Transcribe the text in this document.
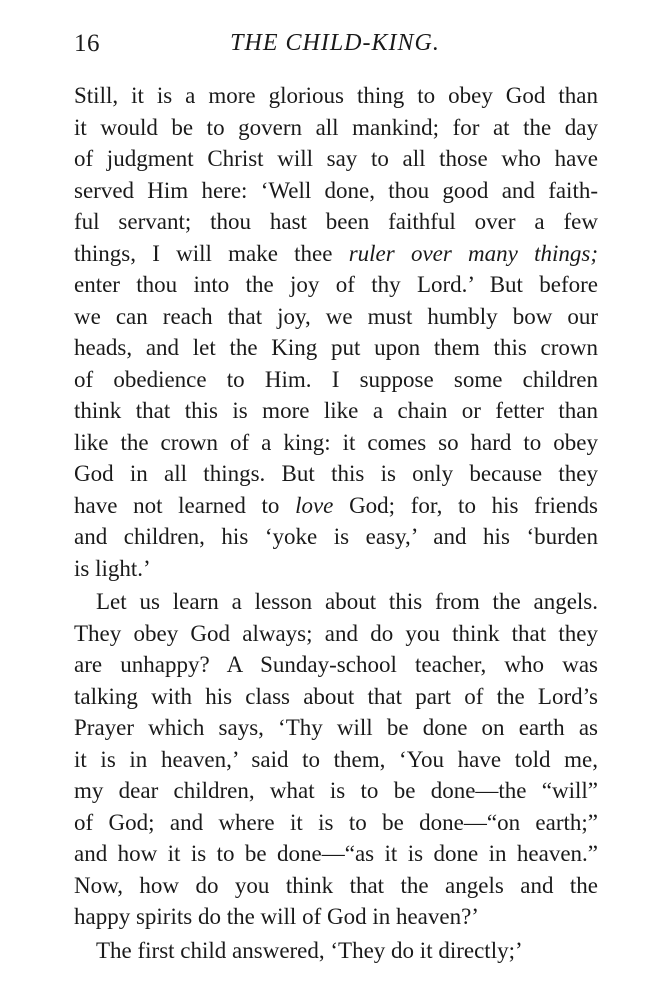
16	THE CHILD-KING.
Still, it is a more glorious thing to obey God than
it would be to govern all mankind; for at the day
of judgment Christ will say to all those who have
served Him here: ‘Well done, thou good and faith-
ful servant; thou hast been faithful over a few
things, I will make thee ruler over many things;
enter thou into the joy of thy Lord.’ But before
we can reach that joy, we must humbly bow our
heads, and let the King put upon them this crown
of obedience to Him. I suppose some children
think that this is more like a chain or fetter than
like the crown of a king: it comes so hard to obey
God in all things. But this is only because they
have not learned to love God; for, to his friends
and children, his ‘yoke is easy,’ and his ‘burden
is light.’
Let us learn a lesson about this from the angels.
They obey God always; and do you think that they
are unhappy? A Sunday-school teacher, who was
talking with his class about that part of the Lord’s
Prayer which says, ‘Thy will be done on earth as
it is in heaven,’ said to them, ‘You have told me,
my dear children, what is to be done—the “will”
of God; and where it is to be done—“on earth;”
and how it is to be done—“as it is done in heaven.”
Now, how do you think that the angels and the
happy spirits do the will of God in heaven?’
The first child answered, ‘They do it directly;’
